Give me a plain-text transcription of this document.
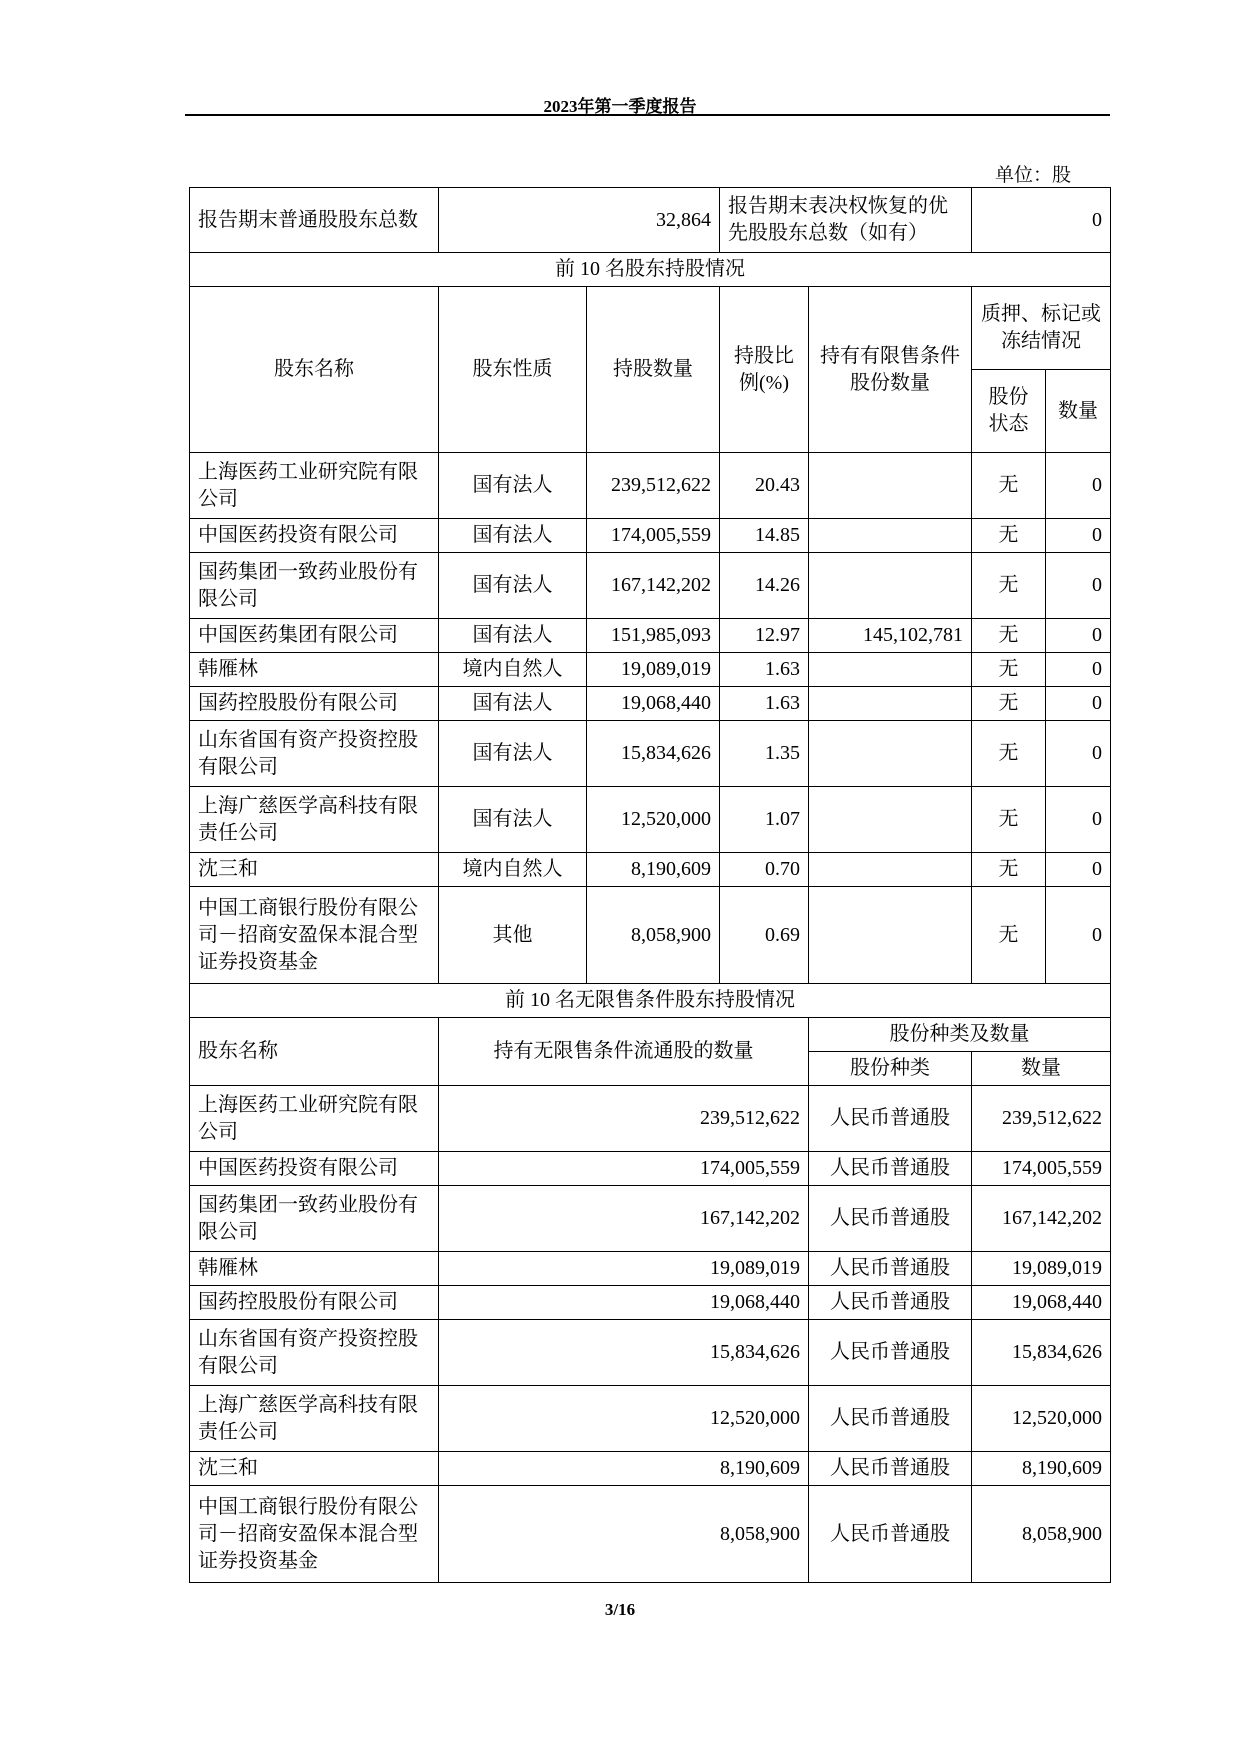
2023年第一季度报告
单位：股
报告期末普通股股东总数	32,864		报告期末表决权恢复的优先股股东总数（如有）		0	
前 10 名股东持股情况						
股东名称	股东性质	持股数量	持股比例(%)	持有有限售条件股份数量	质押、标记或冻结情况	
					股份状态	数量
上海医药工业研究院有限公司	国有法人	239,512,622	20.43		无	0
中国医药投资有限公司	国有法人	174,005,559	14.85		无	0
国药集团一致药业股份有限公司	国有法人	167,142,202	14.26		无	0
中国医药集团有限公司	国有法人	151,985,093	12.97	145,102,781	无	0
韩雁林	境内自然人	19,089,019	1.63		无	0
国药控股股份有限公司	国有法人	19,068,440	1.63		无	0
山东省国有资产投资控股有限公司	国有法人	15,834,626	1.35		无	0
上海广慈医学高科技有限责任公司	国有法人	12,520,000	1.07		无	0
沈三和	境内自然人	8,190,609	0.70		无	0
中国工商银行股份有限公司－招商安盈保本混合型证券投资基金	其他	8,058,900	0.69		无	0
前 10 名无限售条件股东持股情况						
股东名称	持有无限售条件流通股的数量			股份种类及数量		
				股份种类	数量	
上海医药工业研究院有限公司	239,512,622			人民币普通股	239,512,622	
中国医药投资有限公司	174,005,559			人民币普通股	174,005,559	
国药集团一致药业股份有限公司	167,142,202			人民币普通股	167,142,202	
韩雁林	19,089,019			人民币普通股	19,089,019	
国药控股股份有限公司	19,068,440			人民币普通股	19,068,440	
山东省国有资产投资控股有限公司	15,834,626			人民币普通股	15,834,626	
上海广慈医学高科技有限责任公司	12,520,000			人民币普通股	12,520,000	
沈三和	8,190,609			人民币普通股	8,190,609	
中国工商银行股份有限公司－招商安盈保本混合型证券投资基金	8,058,900			人民币普通股	8,058,900	
3/16
